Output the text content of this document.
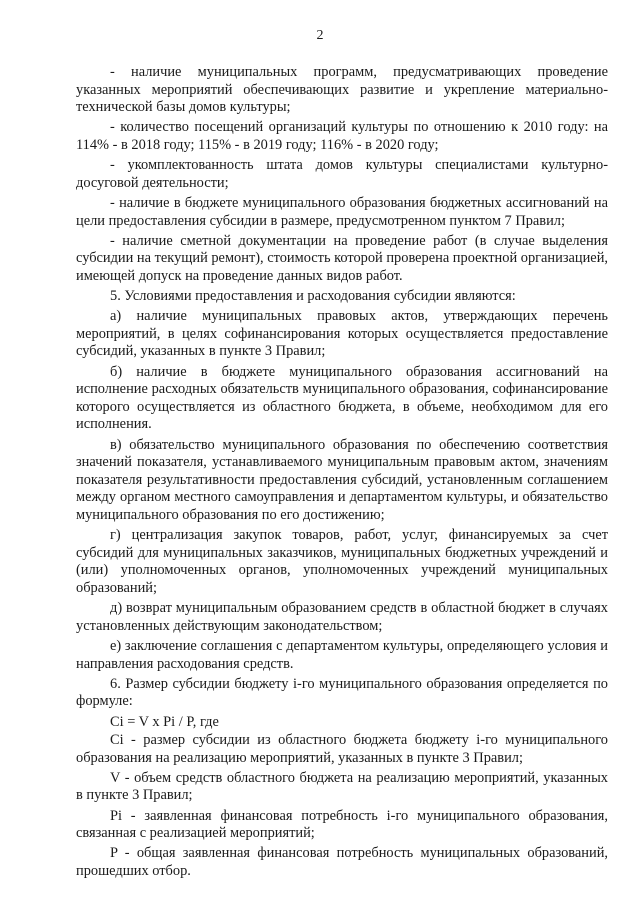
2

- наличие муниципальных программ, предусматривающих проведение указанных мероприятий обеспечивающих развитие и укрепление материально-технической базы домов культуры;

- количество посещений организаций культуры по отношению к 2010 году: на 114% - в 2018 году; 115% - в 2019 году; 116% - в 2020 году;

- укомплектованность штата домов культуры специалистами культурно-досуговой деятельности;

- наличие в бюджете муниципального образования бюджетных ассигнований на цели предоставления субсидии в размере, предусмотренном пунктом 7 Правил;

- наличие сметной документации на проведение работ (в случае выделения субсидии на текущий ремонт), стоимость которой проверена проектной организацией, имеющей допуск на проведение данных видов работ.

5. Условиями предоставления и расходования субсидии являются:

а) наличие муниципальных правовых актов, утверждающих перечень мероприятий, в целях софинансирования которых осуществляется предоставление субсидий, указанных в пункте 3 Правил;

б) наличие в бюджете муниципального образования ассигнований на исполнение расходных обязательств муниципального образования, софинансирование которого осуществляется из областного бюджета, в объеме, необходимом для его исполнения.

в) обязательство муниципального образования по обеспечению соответствия значений показателя, устанавливаемого муниципальным правовым актом, значениям показателя результативности предоставления субсидий, установленным соглашением между органом местного самоуправления и департаментом культуры, и обязательство муниципального образования по его достижению;

г) централизация закупок товаров, работ, услуг, финансируемых за счет субсидий для муниципальных заказчиков, муниципальных бюджетных учреждений и (или) уполномоченных органов, уполномоченных учреждений муниципальных образований;

д) возврат муниципальным образованием средств в областной бюджет в случаях установленных действующим законодательством;

е) заключение соглашения с департаментом культуры, определяющего условия и направления расходования средств.

6. Размер субсидии бюджету i-го муниципального образования определяется по формуле:

Ci = V x Pi / P, где

Ci - размер субсидии из областного бюджета бюджету i-го муниципального образования на реализацию мероприятий, указанных в пункте 3 Правил;

V - объем средств областного бюджета на реализацию мероприятий, указанных в пункте 3 Правил;

Pi - заявленная финансовая потребность i-го муниципального образования, связанная с реализацией мероприятий;

P - общая заявленная финансовая потребность муниципальных образований, прошедших отбор.
